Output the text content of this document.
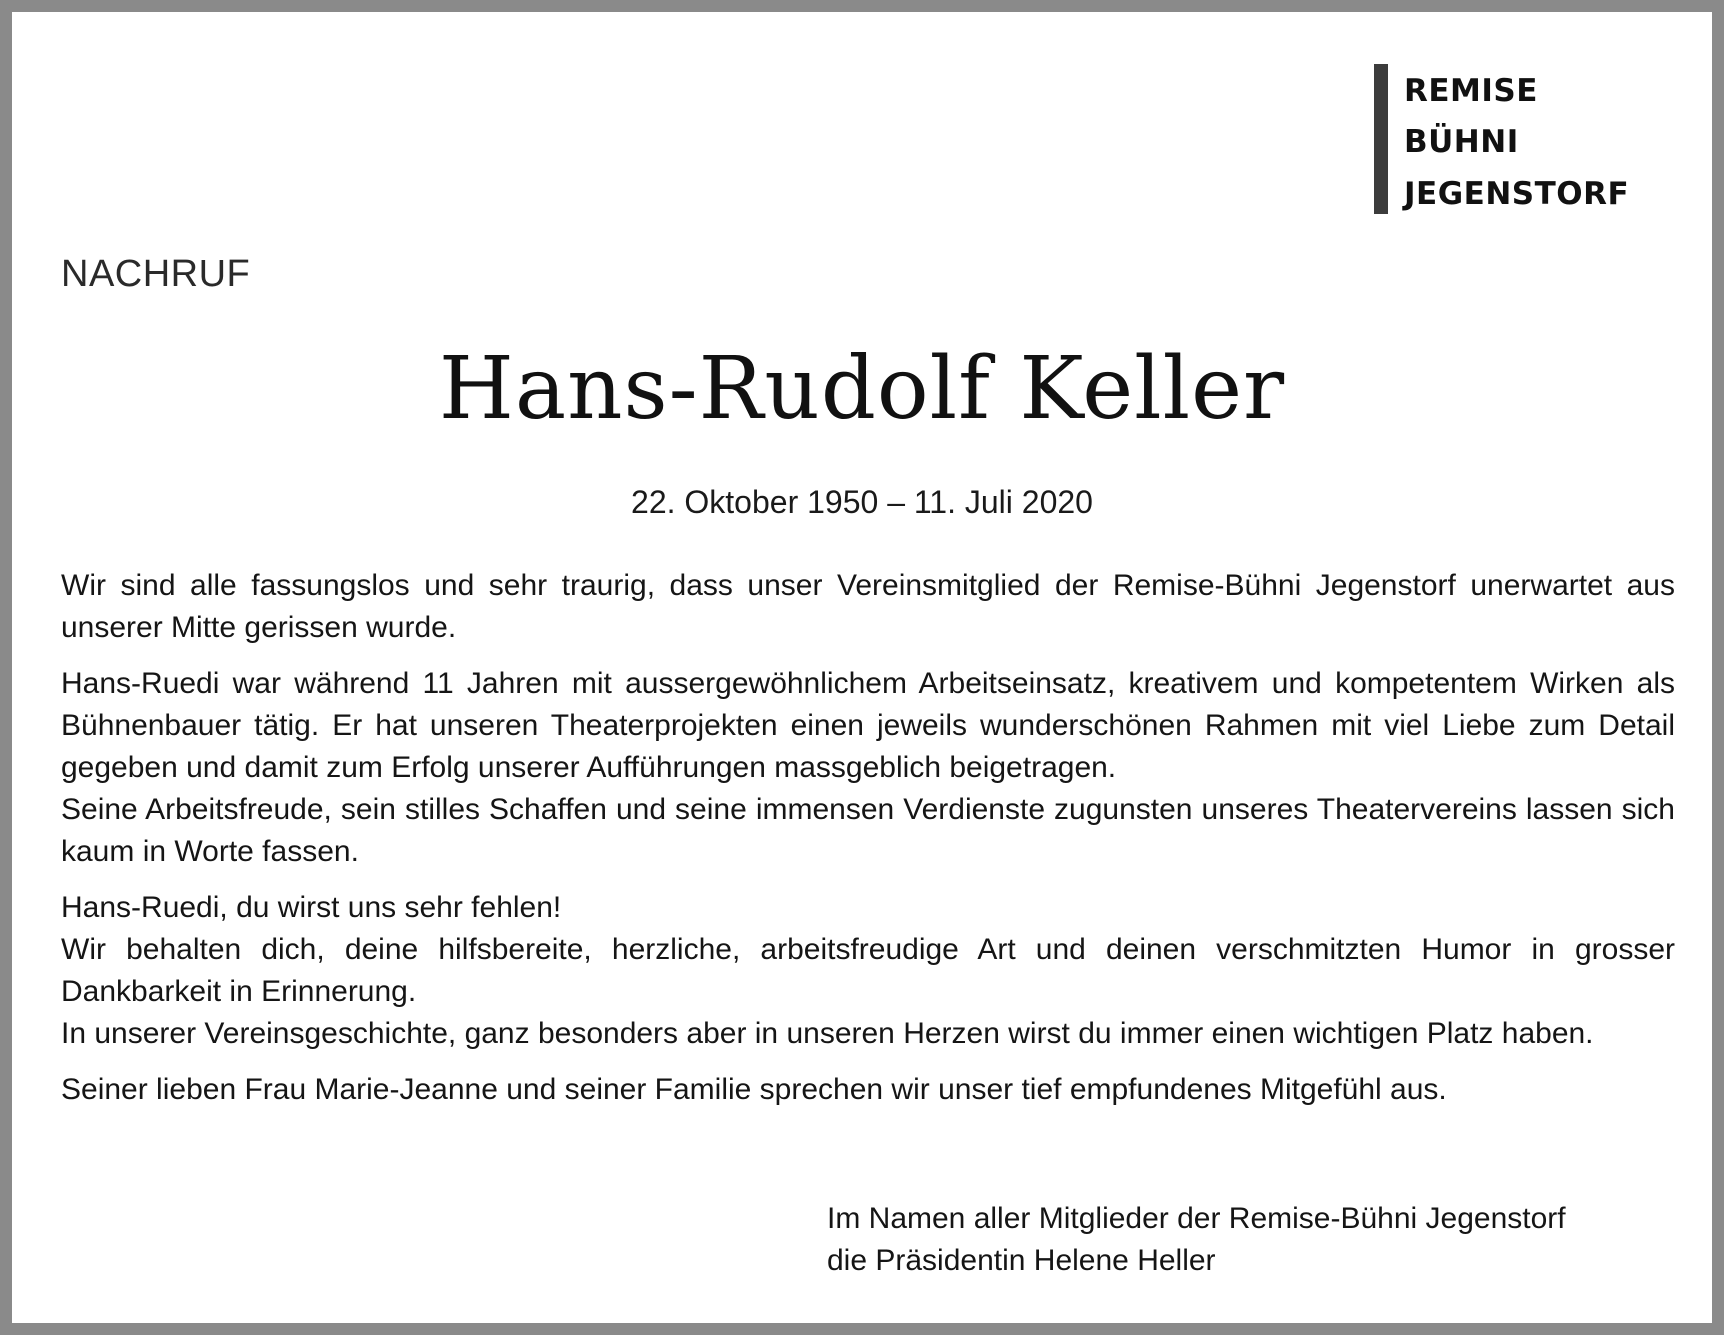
REMISE
BÜHNI
JEGENSTORF
NACHRUF
Hans-Rudolf Keller
22. Oktober 1950 – 11. Juli 2020

Wir sind alle fassungslos und sehr traurig, dass unser Vereinsmitglied der Remise-Bühni Jegenstorf unerwartet aus unserer Mitte gerissen wurde.

Hans-Ruedi war während 11 Jahren mit aussergewöhnlichem Arbeitseinsatz, kreativem und kompetentem Wirken als Bühnenbauer tätig. Er hat unseren Theaterprojekten einen jeweils wunderschönen Rahmen mit viel Liebe zum Detail gegeben und damit zum Erfolg unserer Aufführungen massgeblich beigetragen.
Seine Arbeitsfreude, sein stilles Schaffen und seine immensen Verdienste zugunsten unseres Theatervereins lassen sich kaum in Worte fassen.

Hans-Ruedi, du wirst uns sehr fehlen!
Wir behalten dich, deine hilfsbereite, herzliche, arbeitsfreudige Art und deinen verschmitzten Humor in grosser Dankbarkeit in Erinnerung.
In unserer Vereinsgeschichte, ganz besonders aber in unseren Herzen wirst du immer einen wichtigen Platz haben.

Seiner lieben Frau Marie-Jeanne und seiner Familie sprechen wir unser tief empfundenes Mitgefühl aus.

Im Namen aller Mitglieder der Remise-Bühni Jegenstorf
die Präsidentin Helene Heller
